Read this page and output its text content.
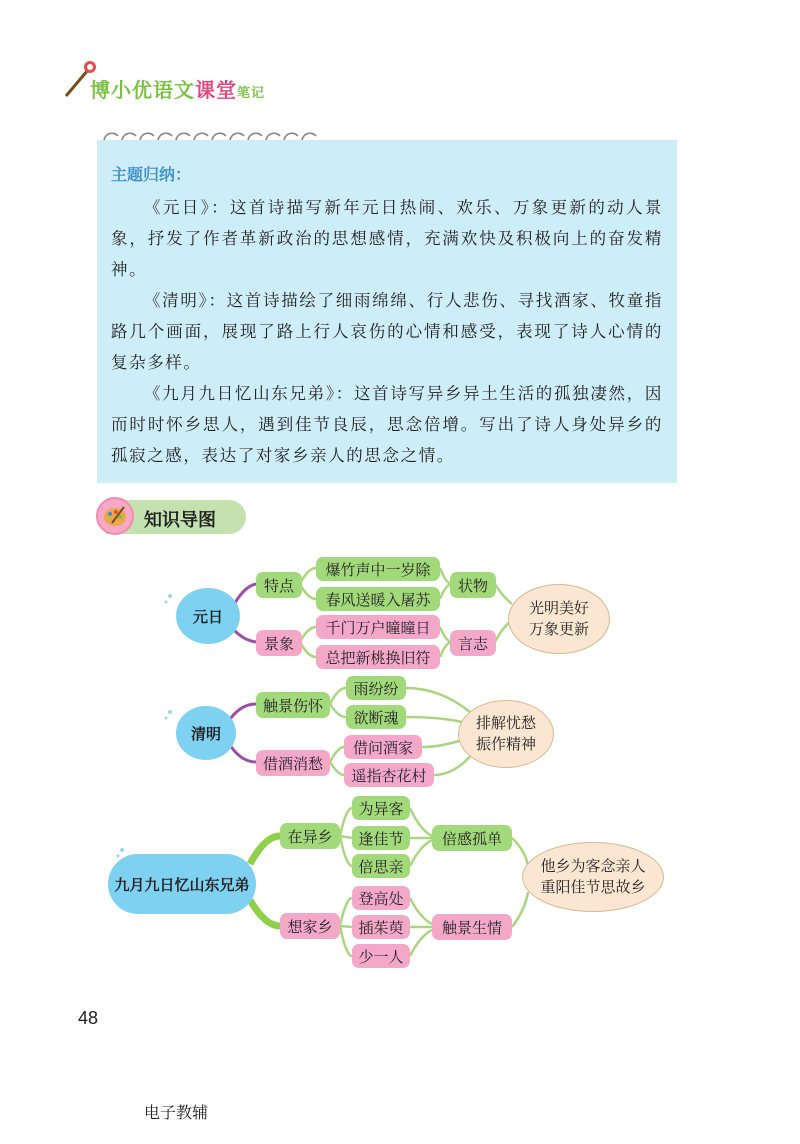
博小优语文课堂笔记
主题归纳：

《元日》：这首诗描写新年元日热闹、欢乐、万象更新的动人景象，抒发了作者革新政治的思想感情，充满欢快及积极向上的奋发精神。

《清明》：这首诗描绘了细雨绵绵、行人悲伤、寻找酒家、牧童指路几个画面，展现了路上行人哀伤的心情和感受，表现了诗人心情的复杂多样。

《九月九日忆山东兄弟》：这首诗写异乡异土生活的孤独凄然，因而时时怀乡思人，遇到佳节良辰，思念倍增。写出了诗人身处异乡的孤寂之感，表达了对家乡亲人的思念之情。

知识导图
元日
特点
景象
爆竹声中一岁除
春风送暖入屠苏
千门万户曈曈日
总把新桃换旧符
状物
言志
光明美好
万象更新
清明
触景伤怀
借酒消愁
雨纷纷
欲断魂
借问酒家
遥指杏花村
排解忧愁
振作精神
九月九日忆山东兄弟
在异乡
想家乡
为异客
逢佳节
倍思亲
登高处
插茱萸
少一人
倍感孤单
触景生情
他乡为客念亲人
重阳佳节思故乡
48
电子教辅
